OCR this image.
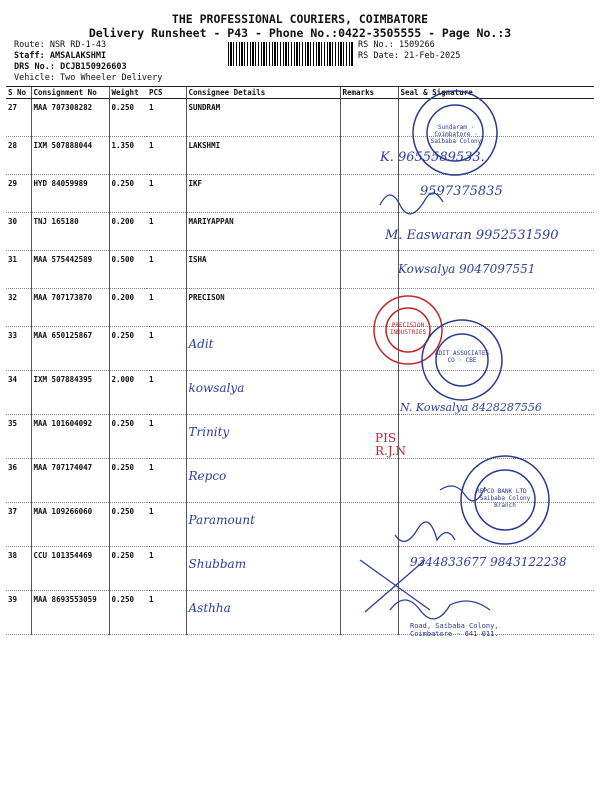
THE PROFESSIONAL COURIERS, COIMBATORE
Delivery Runsheet - P43 - Phone No.:0422-3505555 - Page No.:3
Route: NSR RD-1-43
Staff: AMSALAKSHMI
DRS No.: DCJB150926603
Vehicle: Two Wheeler Delivery
RS No.: 1509266
RS Date: 21-Feb-2025
S No	Consignment No	Weight	PCS	Consignee Details	Remarks	Seal & Signature
27	MAA 707308282	0.250	1	SUNDRAM		
28	IXM 507888044	1.350	1	LAKSHMI		
29	HYD 84059989	0.250	1	IKF		
30	TNJ 165180	0.200	1	MARIYAPPAN		
31	MAA 575442589	0.500	1	ISHA		
32	MAA 707173870	0.200	1	PRECISON		
33	MAA 650125867	0.250	1	Adit		
34	IXM 507884395	2.000	1	kowsalya		
35	MAA 101604092	0.250	1	Trinity		
36	MAA 707174047	0.250	1	Repco		
37	MAA 109266060	0.250	1	Paramount		
38	CCU 101354469	0.250	1	Shubbam		
39	MAA 8693553059	0.250	1	Asthha		
Sundaram · Coimbatore · Saibaba Colony
PRECISION INDUSTRIES
ADIT ASSOCIATES CO · CBE
REPCO BANK LTD · Saibaba Colony Branch
Road, Saibaba Colony, Coimbatore - 641 011.
K. 9655589533.
9597375835
M. Easwaran 9952531590
Kowsalya 9047097551
N. Kowsalya 8428287556
PIS R.J.N
9344833677 9843122238
